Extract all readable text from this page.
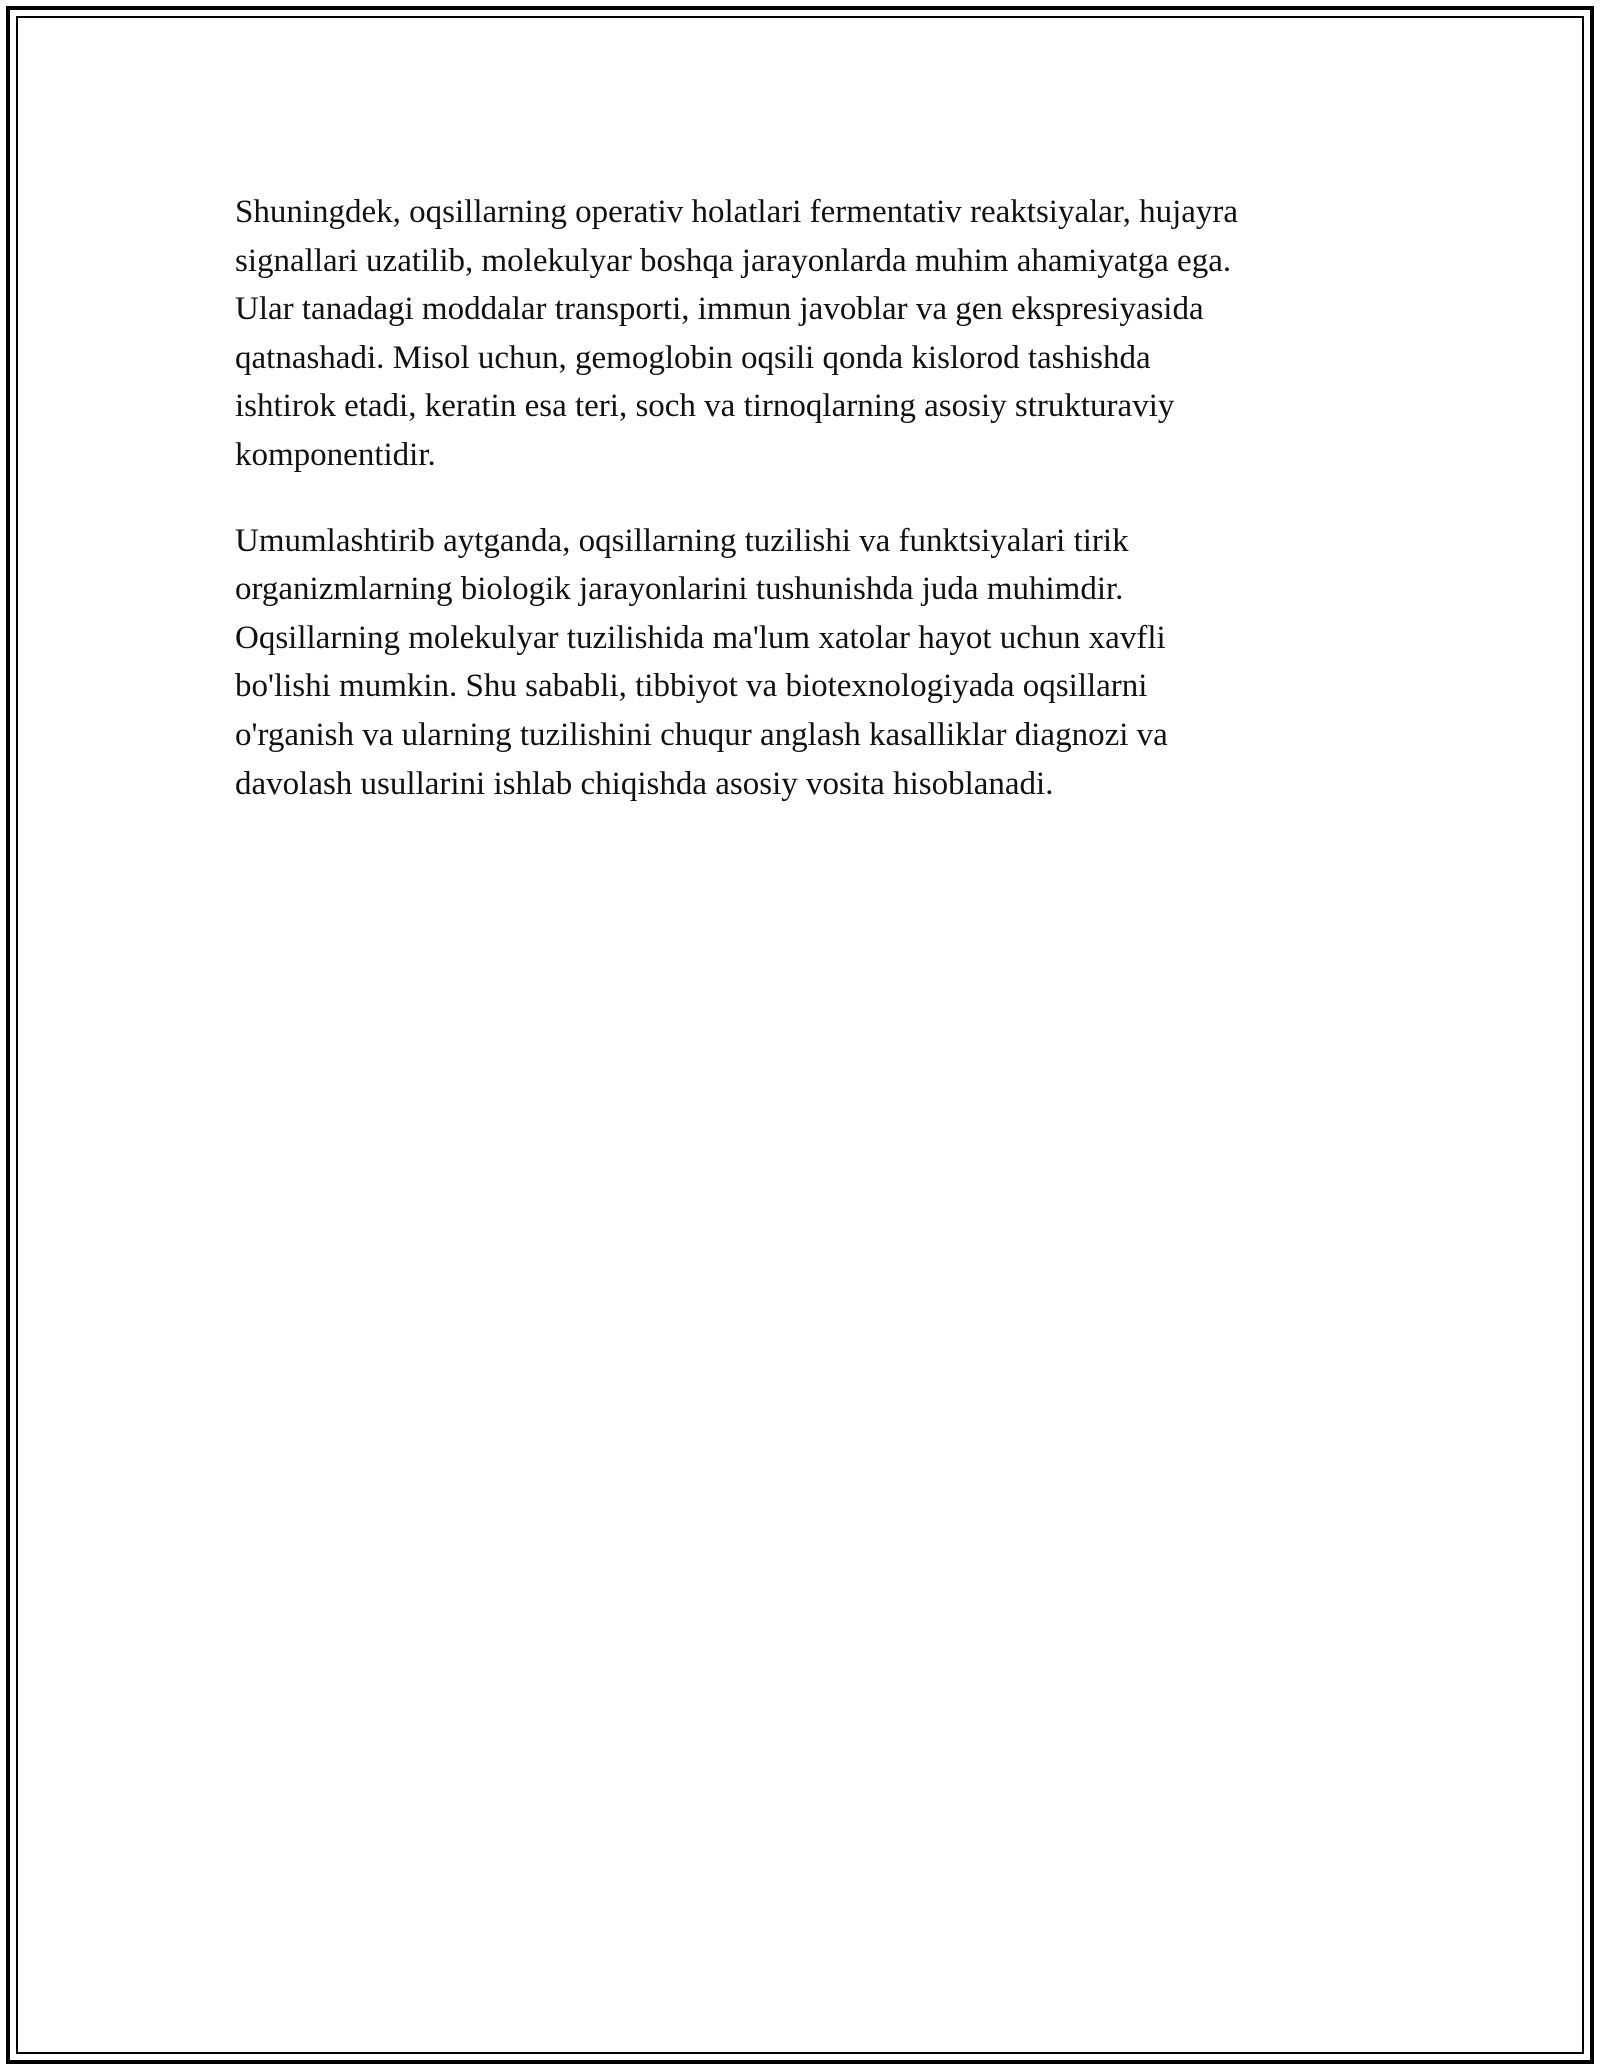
Shuningdek, oqsillarning operativ holatlari fermentativ reaktsiyalar, hujayra
signallari uzatilib, molekulyar boshqa jarayonlarda muhim ahamiyatga ega.
Ular tanadagi moddalar transporti, immun javoblar va gen ekspresiyasida
qatnashadi. Misol uchun, gemoglobin oqsili qonda kislorod tashishda
ishtirok etadi, keratin esa teri, soch va tirnoqlarning asosiy strukturaviy
komponentidir.

Umumlashtirib aytganda, oqsillarning tuzilishi va funktsiyalari tirik
organizmlarning biologik jarayonlarini tushunishda juda muhimdir.
Oqsillarning molekulyar tuzilishida ma'lum xatolar hayot uchun xavfli
bo'lishi mumkin. Shu sababli, tibbiyot va biotexnologiyada oqsillarni
o'rganish va ularning tuzilishini chuqur anglash kasalliklar diagnozi va
davolash usullarini ishlab chiqishda asosiy vosita hisoblanadi.
